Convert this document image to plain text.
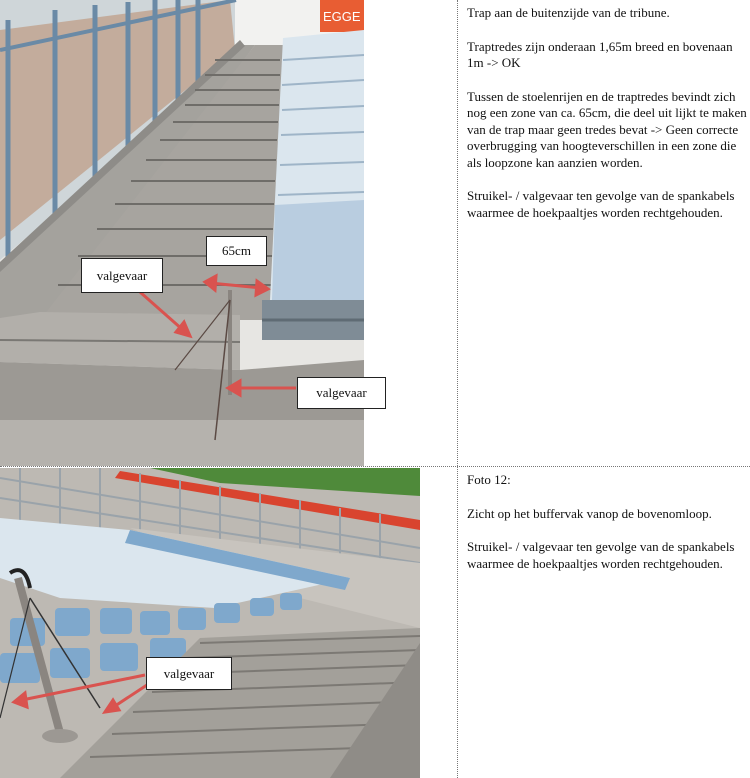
valgevaar
65cm
valgevaar
EGGE
valgevaar

Trap aan de buitenzijde van de tribune.

Traptredes zijn onderaan 1,65m breed en bovenaan 1m -> OK

Tussen de stoelenrijen en de traptredes bevindt zich nog een zone van ca. 65cm, die deel uit lijkt te maken van de trap maar geen tredes bevat -> Geen correcte overbrugging van hoogteverschillen in een zone die als loopzone kan aanzien worden.

Struikel- / valgevaar ten gevolge van de spankabels waarmee de hoekpaaltjes worden rechtgehouden.

Foto 12:

Zicht op het buffervak vanop de bovenomloop.

Struikel- / valgevaar ten gevolge van de spankabels waarmee de hoekpaaltjes worden rechtgehouden.
